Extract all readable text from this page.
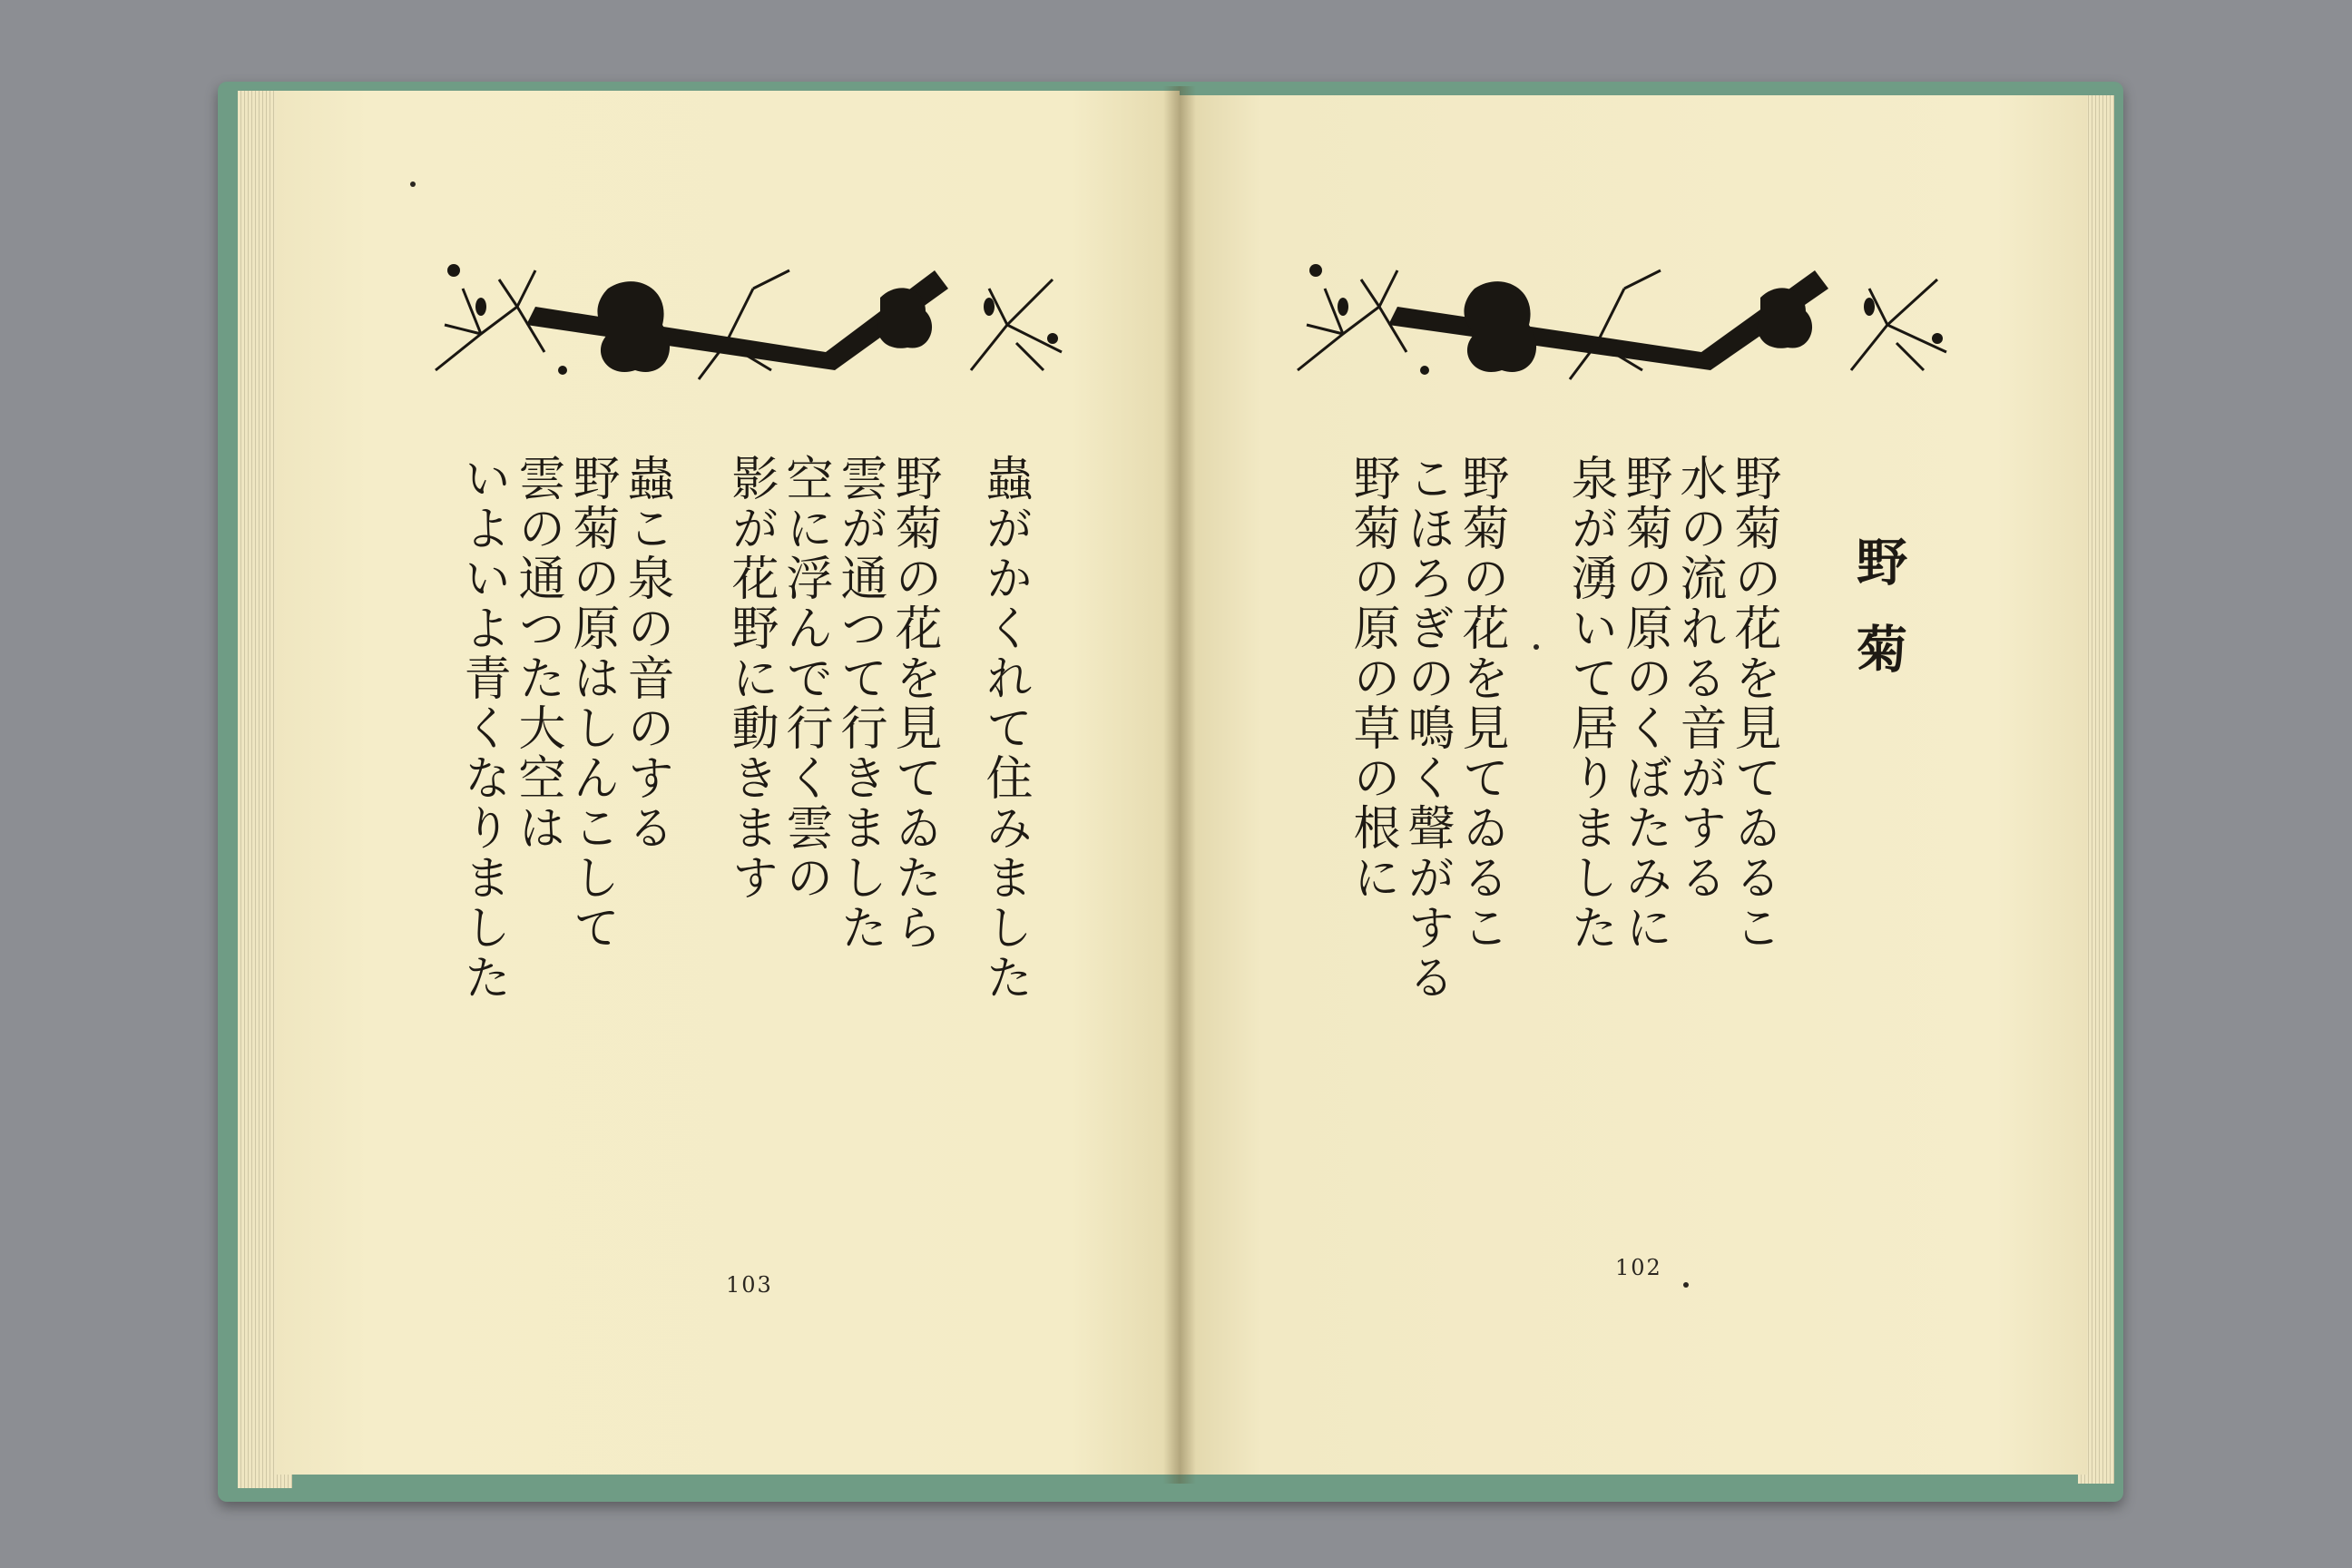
野菊
野菊の花を見てゐるこ
水の流れる音がする
野菊の原のくぼたみに
泉が湧いて居りました
野菊の花を見てゐるこ
こほろぎの鳴く聲がする
野菊の原の草の根に
蟲がかくれて住みました
野菊の花を見てゐたら
雲が通つて行きました
空に浮んで行く雲の
影が花野に動きます
蟲こ泉の音のする
野菊の原はしんこして
雲の通つた大空は
いよいよ青くなりました
103
102
